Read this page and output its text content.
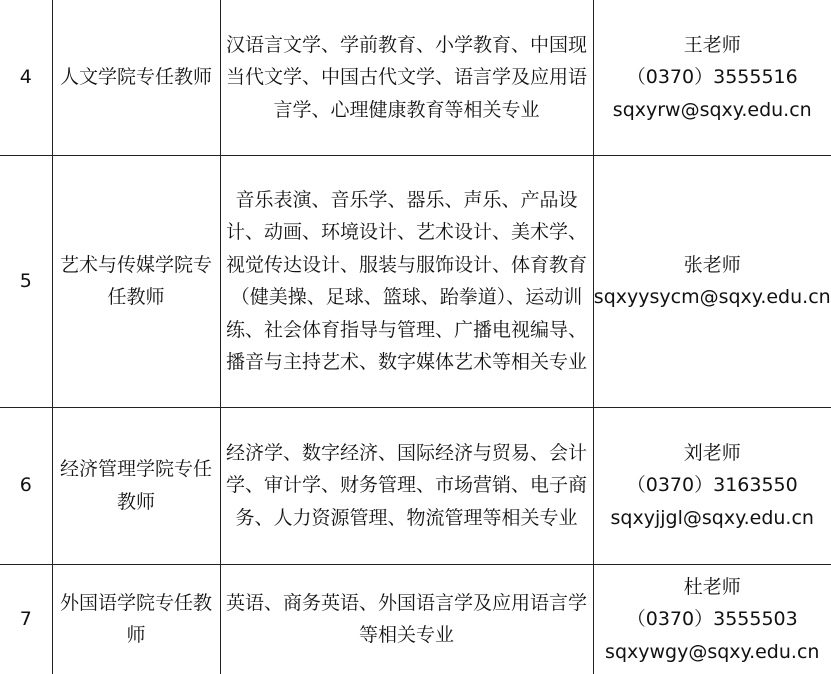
4	人文学院专任教师	汉语言文学、学前教育、小学教育、中国现当代文学、中国古代文学、语言学及应用语言学、心理健康教育等相关专业	王老师
（0370）3555516
sqxyrw@sqxy.edu.cn

5	艺术与传媒学院专任教师	音乐表演、音乐学、器乐、声乐、产品设计、动画、环境设计、艺术设计、美术学、视觉传达设计、服装与服饰设计、体育教育（健美操、足球、篮球、跆拳道）、运动训练、社会体育指导与管理、广播电视编导、播音与主持艺术、数字媒体艺术等相关专业	张老师
sqxyysycm@sqxy.edu.cn

6	经济管理学院专任教师	经济学、数字经济、国际经济与贸易、会计学、审计学、财务管理、市场营销、电子商务、人力资源管理、物流管理等相关专业	刘老师
（0370）3163550
sqxyjjgl@sqxy.edu.cn

7	外国语学院专任教师	英语、商务英语、外国语言学及应用语言学等相关专业	杜老师
（0370）3555503
sqxywgy@sqxy.edu.cn
